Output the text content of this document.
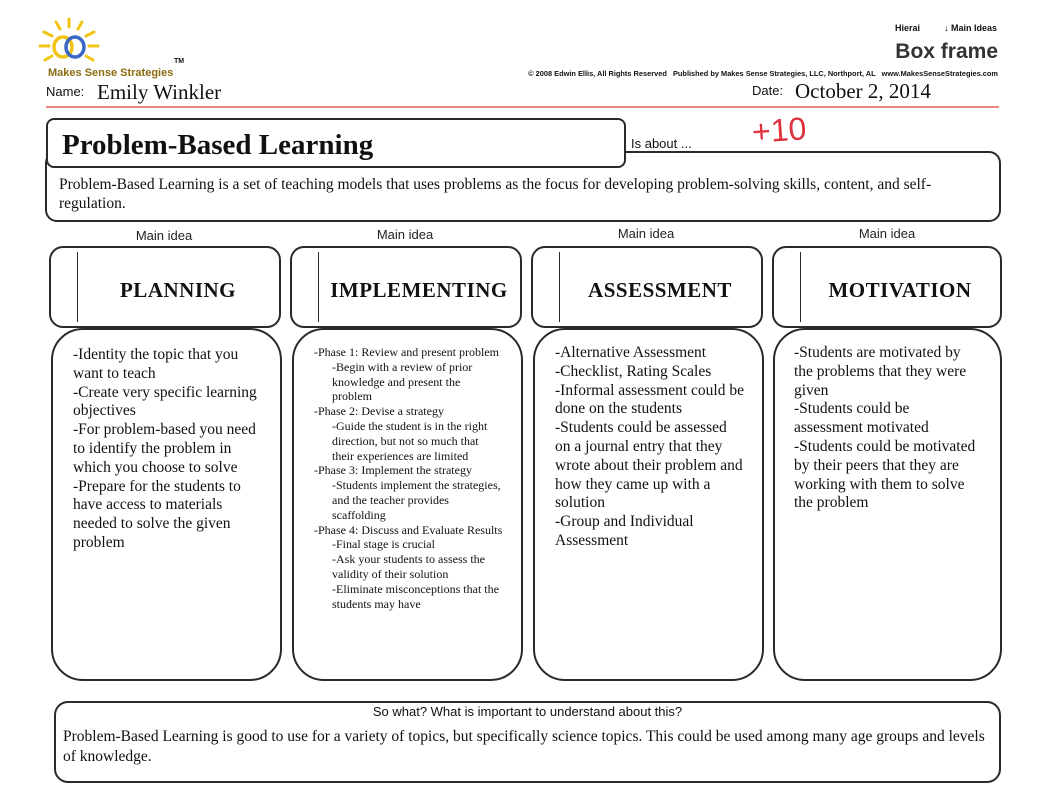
Makes Sense Strategies
TM
Name: Emily Winkler
Hierai	↓ Main Ideas
Box frame
© 2008 Edwin Ellis, All Rights Reserved   Published by Makes Sense Strategies, LLC, Northport, AL   www.MakesSenseStrategies.com
Date: October 2, 2014
Problem-Based Learning is a set of teaching models that uses problems as the focus for developing problem-solving skills, content, and self-regulation.
Problem-Based Learning	Is about ... +10
Main idea	Main idea	Main idea	Main idea
PLANNING
-Identity the topic that you want to teach
-Create very specific learning objectives
-For problem-based you need to identify the problem in which you choose to solve
-Prepare for the students to have access to materials needed to solve the given problem
IMPLEMENTING
-Phase 1: Review and present problem
-Begin with a review of prior knowledge and present the problem
-Phase 2: Devise a strategy
-Guide the student is in the right direction, but not so much that their experiences are limited
-Phase 3: Implement the strategy
-Students implement the strategies, and the teacher provides scaffolding
-Phase 4: Discuss and Evaluate Results
-Final stage is crucial
-Ask your students to assess the validity of their solution
-Eliminate misconceptions that the students may have
ASSESSMENT
-Alternative Assessment
-Checklist, Rating Scales
-Informal assessment could be done on the students
-Students could be assessed on a journal entry that they wrote about their problem and how they came up with a solution
-Group and Individual Assessment
MOTIVATION
-Students are motivated by the problems that they were given
-Students could be assessment motivated
-Students could be motivated by their peers that they are working with them to solve the problem
So what? What is important to understand about this?
Problem-Based Learning is good to use for a variety of topics, but specifically science topics. This could be used among many age groups and levels of knowledge.
